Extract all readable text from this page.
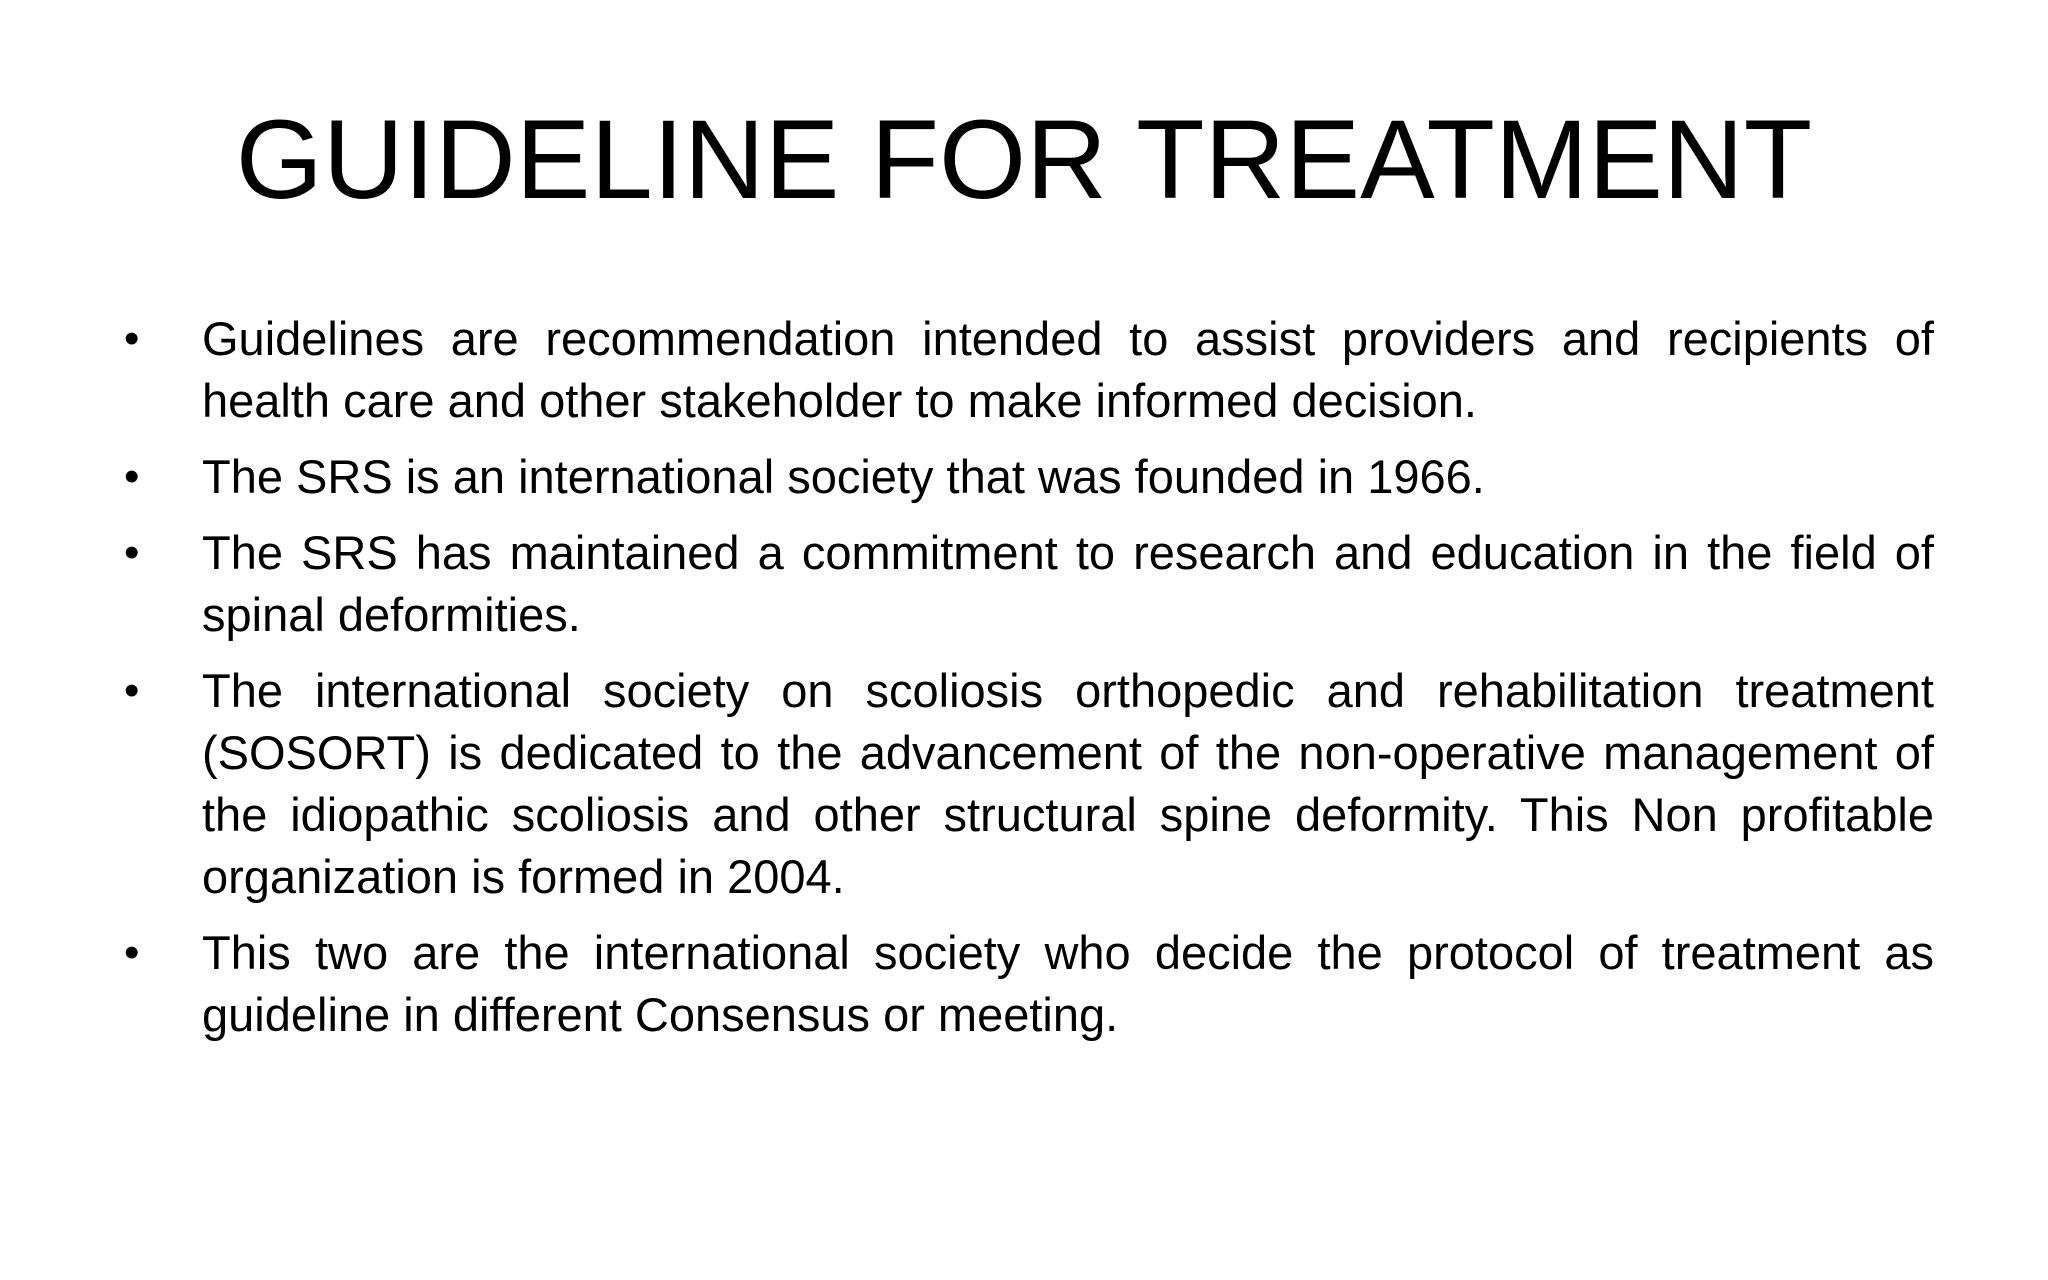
GUIDELINE FOR TREATMENT
• Guidelines are recommendation intended to assist providers and recipients of health care and other stakeholder to make informed decision.
• The SRS is an international society that was founded in 1966.
• The SRS has maintained a commitment to research and education in the field of spinal deformities.
• The international society on scoliosis orthopedic and rehabilitation treatment (SOSORT) is dedicated to the advancement of the non-operative management of the idiopathic scoliosis and other structural spine deformity. This Non profitable organization is formed in 2004.
• This two are the international society who decide the protocol of treatment as guideline in different Consensus or meeting.
